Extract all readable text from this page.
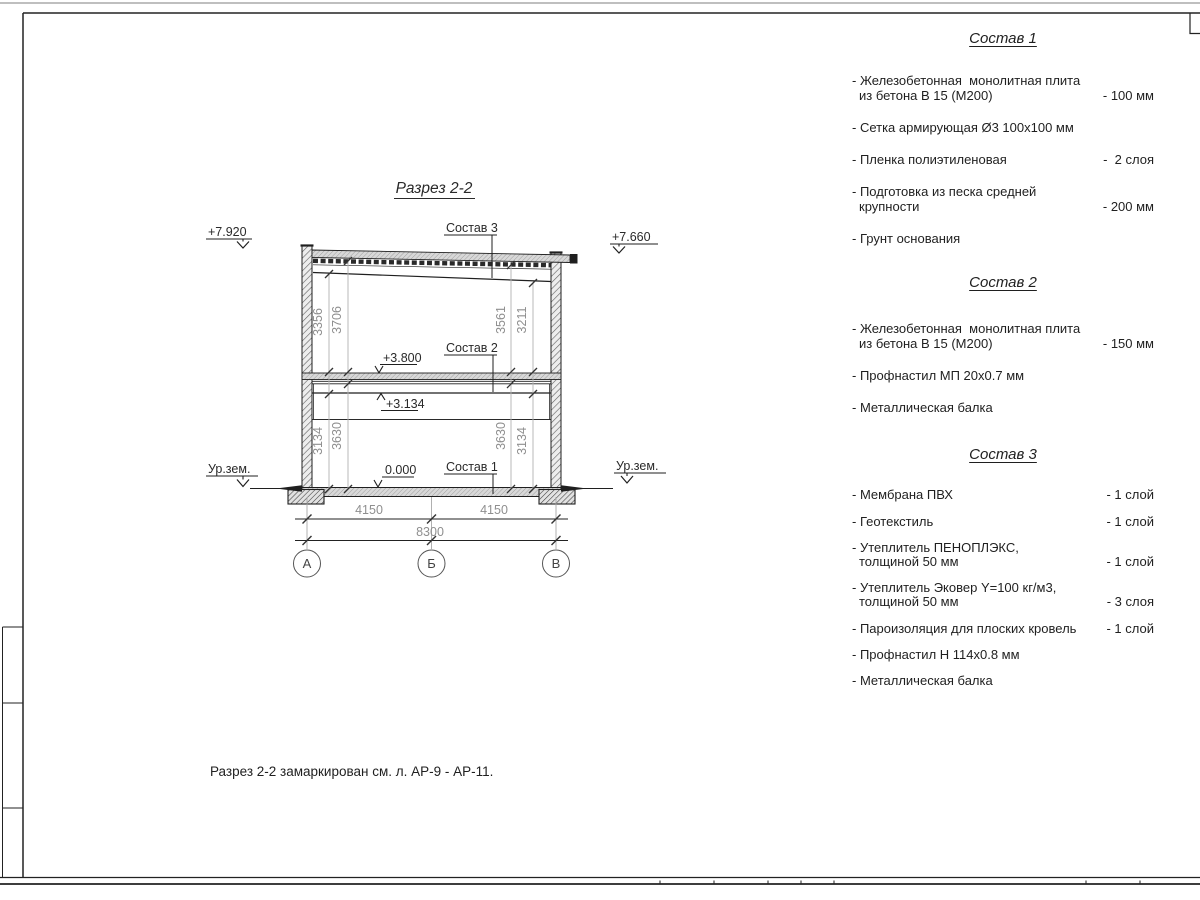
Разрез 2-2
3356 3706	3561 3211
3134 3630	3630 3134
Состав 3
Состав 2
Состав 1
+3.800
+3.134
0.000
+7.920	+7.660
Ур.зем.	Ур.зем.
4150	4150
8300
А	Б	В
Состав 1
- Железобетонная  монолитная плита
из бетона В 15 (М200)	- 100 мм
- Сетка армирующая Ø3 100х100 мм
- Пленка полиэтиленовая	-  2 слоя
- Подготовка из песка средней
крупности	- 200 мм
- Грунт основания
Состав 2
- Железобетонная  монолитная плита
из бетона В 15 (М200)	- 150 мм
- Профнастил МП 20х0.7 мм
- Металлическая балка
Состав 3
- Мембрана ПВХ	- 1 слой
- Геотекстиль	- 1 слой
- Утеплитель ПЕНОПЛЭКС,
толщиной 50 мм	- 1 слой
- Утеплитель Эковер Y=100 кг/м3,
толщиной 50 мм	- 3 слоя
- Пароизоляция для плоских кровель - 1 слой
- Профнастил Н 114х0.8 мм
- Металлическая балка
Разрез 2-2 замаркирован см. л. АР-9 - АР-11.
